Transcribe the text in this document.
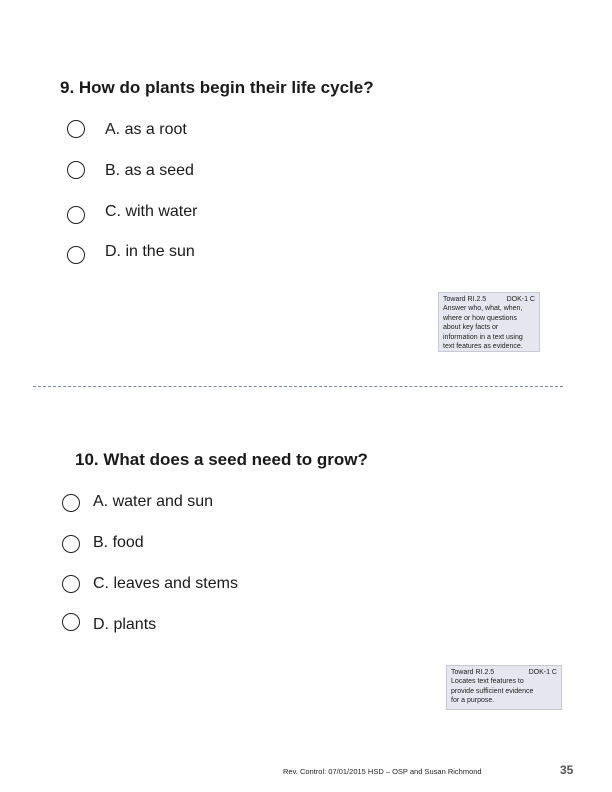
9. How do plants begin their life cycle?
A. as a root
B. as a seed
C. with water
D. in the sun
Toward RI.2.5	DOK-1 C
Answer who, what, when,
where or how questions
about key facts or
information in a text using
text features as evidence.
10. What does a seed need to grow?
A. water and sun
B. food
C. leaves and stems
D. plants
Toward RI.2.5	DOK-1 C
Locates text features to
provide sufficient evidence
for a purpose.
Rev. Control: 07/01/2015 HSD – OSP and Susan Richmond	35
